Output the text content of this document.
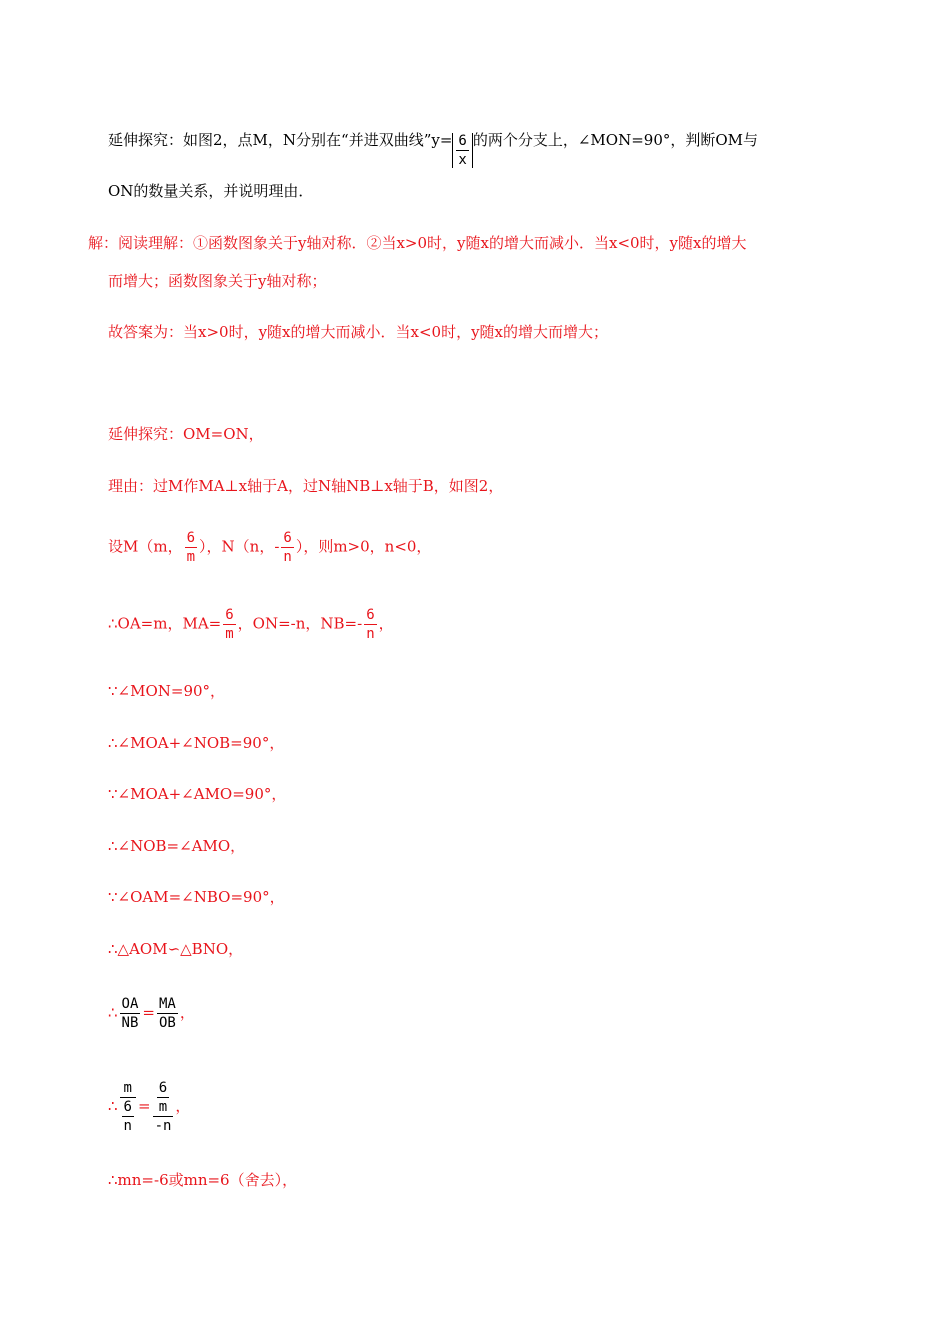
延伸探究：如图2，点M，N分别在“并进双曲线”y= $\frac{6}{x}$ 的两个分支上，∠MON=90°，判断OM与
ON的数量关系，并说明理由．
解：阅读理解：①函数图象关于y轴对称．②当x>0时，y随x的增大而减小．当x<0时，y随x的增大
而增大；函数图象关于y轴对称；
故答案为：当x>0时，y随x的增大而减小．当x<0时，y随x的增大而增大；
延伸探究：OM=ON，
理由：过M作MA⊥x轴于A，过N轴NB⊥x轴于B，如图2，
设M（m， $\frac{6}{m}$ ），N（n，- $\frac{6}{n}$ ），则m>0，n<0，
∴OA=m，$MA= \frac{6}{m}$ ，ON=-n，$NB=- \frac{6}{n}$ ，
∵∠MON=90°，
∴∠MOA+∠NOB=90°，
∵∠MOA+∠AMO=90°，
∴∠NOB=∠AMO，
∵∠OAM=∠NBO=90°，
∴△AOM∽△BNO，
∴ $\frac{OA}{NB} = \frac{MA}{OB}$ ，
∴ $\frac{m}{\frac{6}{n}} = \frac{\frac{6}{m}}{-n}$ ，
∴mn=-6或mn=6（舍去），
